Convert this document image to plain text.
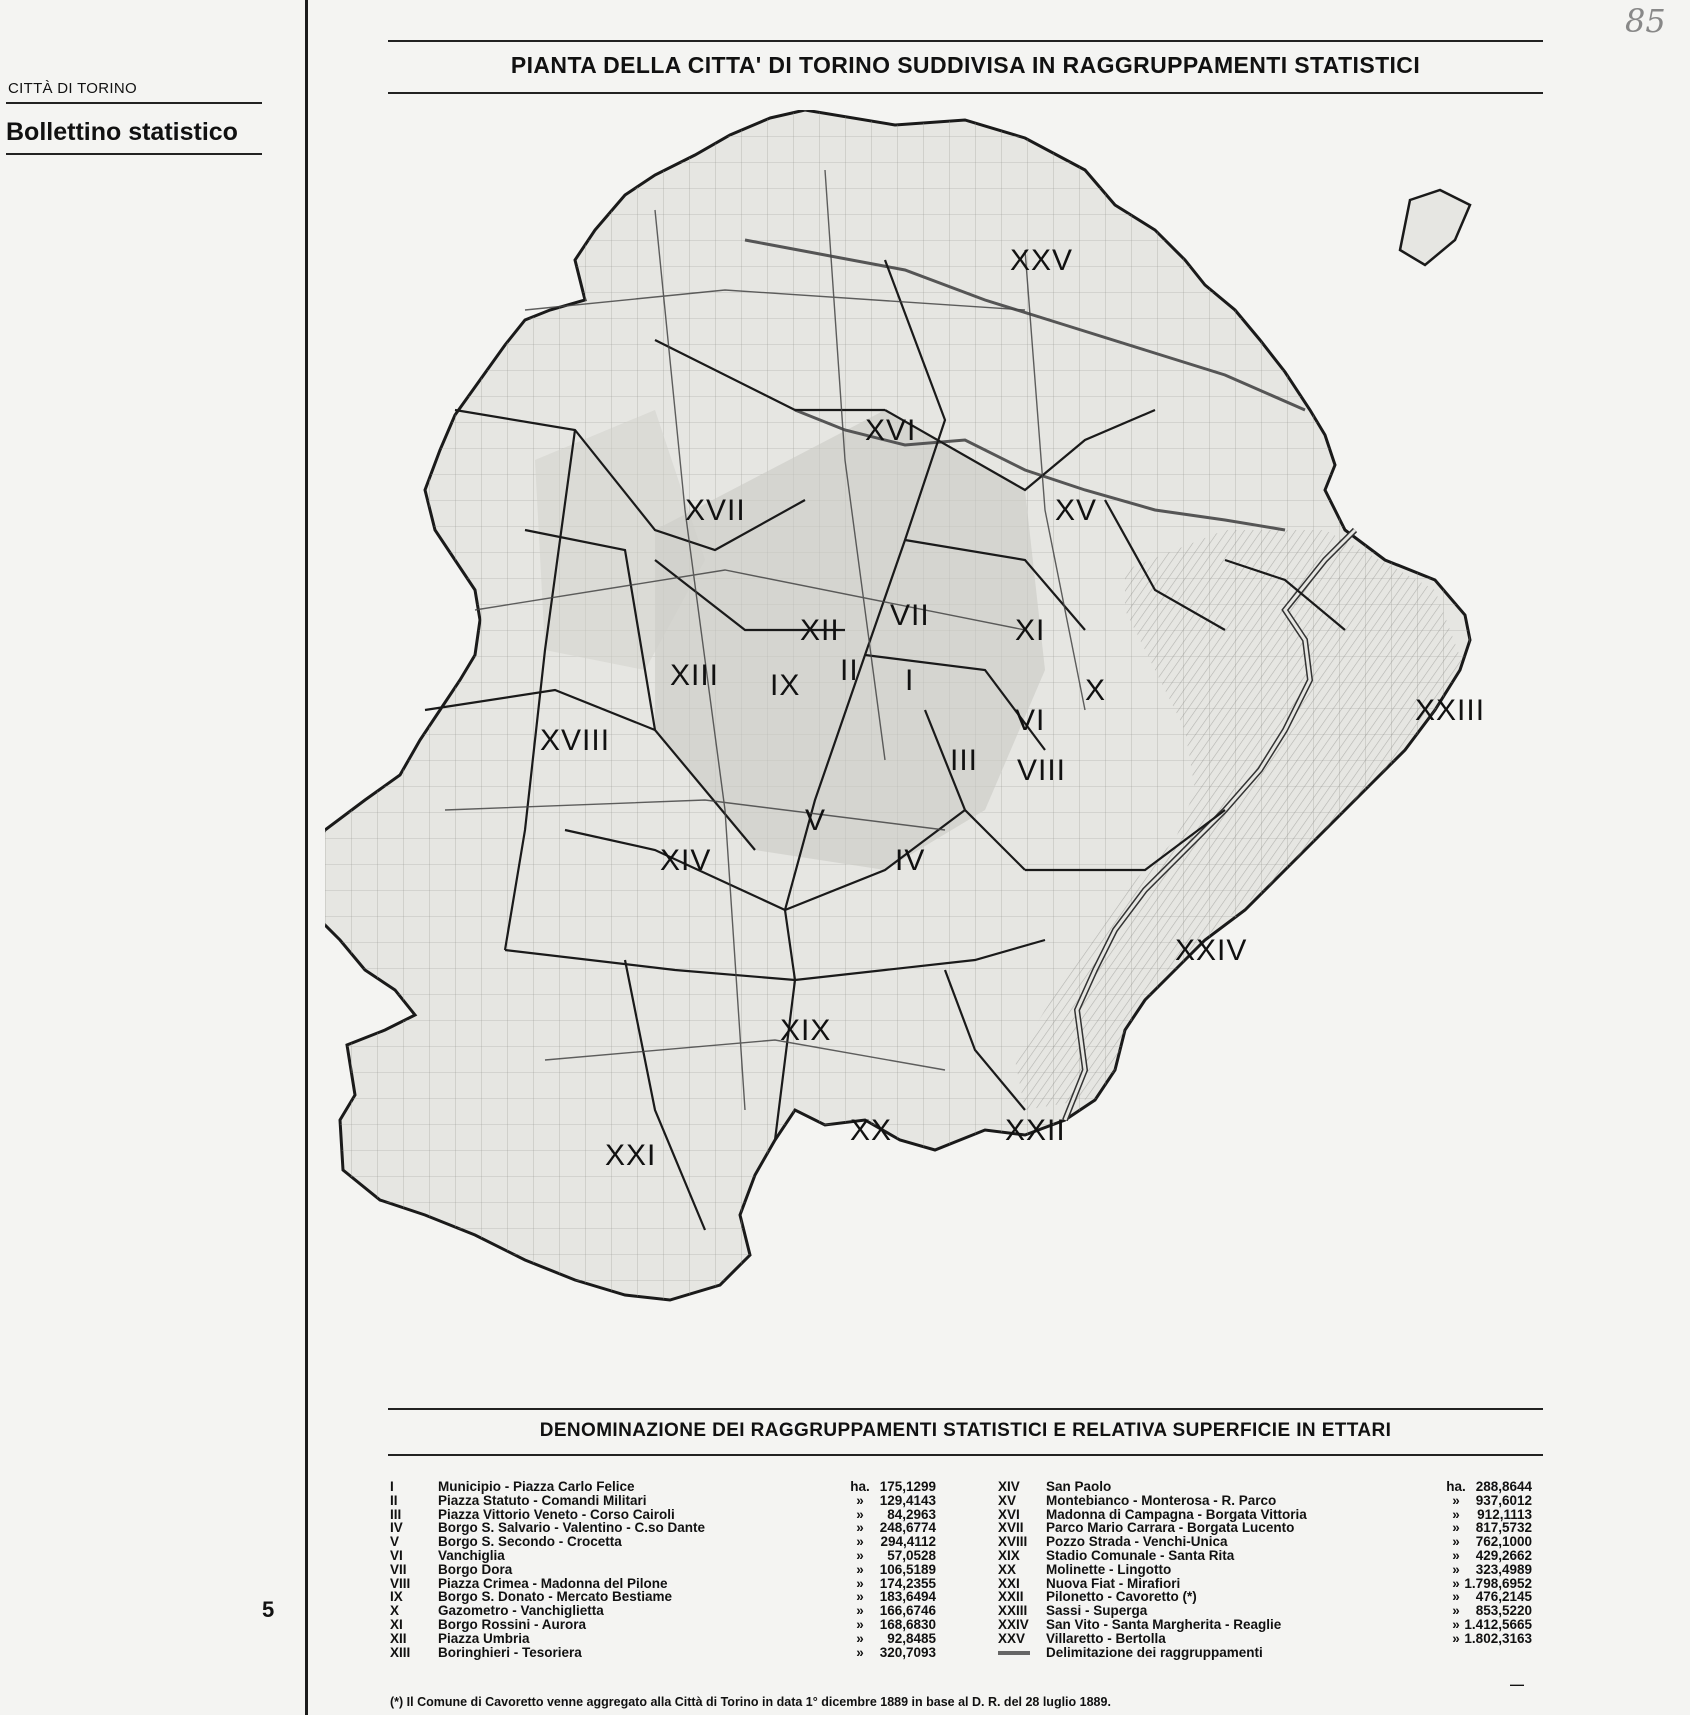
CITTÀ DI TORINO
Bollettino statistico
5
85
PIANTA DELLA CITTA' DI TORINO SUDDIVISA IN RAGGRUPPAMENTI STATISTICI
I
II
III
IV
V
VI
VII
VIII
IX	X
XI
XII
XIII
XIV
XV
XVI
XVII
XVIII
XIX
XX
XXI
XXII
XXIII
XXIV
XXV
DENOMINAZIONE DEI RAGGRUPPAMENTI STATISTICI E RELATIVA SUPERFICIE IN ETTARI
I	Municipio - Piazza Carlo Felice	ha. 175,1299
II	Piazza Statuto - Comandi Militari	»	129,4143
III	Piazza Vittorio Veneto - Corso Cairoli	»	84,2963
IV	Borgo S. Salvario - Valentino - C.so Dante	»	248,6774
V	Borgo S. Secondo - Crocetta	»	294,4112
VI	Vanchiglia	»	57,0528
VII Borgo Dora	»	106,5189
VIII Piazza Crimea - Madonna del Pilone	»	174,2355
IX	Borgo S. Donato - Mercato Bestiame	»	183,6494
X	Gazometro - Vanchiglietta	»	166,6746
XI	Borgo Rossini - Aurora	»	168,6830
XII Piazza Umbria	»	92,8485
XIII Boringhieri - Tesoriera	»	320,7093
XIV San Paolo	ha. 288,8644
XV Montebianco - Monterosa - R. Parco	»	937,6012
XVI Madonna di Campagna - Borgata Vittoria	»	912,1113
XVII Parco Mario Carrara - Borgata Lucento	»	817,5732
XVIII Pozzo Strada - Venchi-Unica	»	762,1000
XIX Stadio Comunale - Santa Rita	»	429,2662
XX Molinette - Lingotto	»	323,4989
XXI Nuova Fiat - Mirafiori	» 1.798,6952
XXII Pilonetto - Cavoretto (*)	»	476,2145
XXIII Sassi - Superga	»	853,5220
XXIV San Vito - Santa Margherita - Reaglie	» 1.412,5665
XXV Villaretto - Bertolla	» 1.802,3163
Delimitazione dei raggruppamenti
—
(*) Il Comune di Cavoretto venne aggregato alla Città di Torino in data 1° dicembre 1889 in base al D. R. del 28 luglio 1889.
